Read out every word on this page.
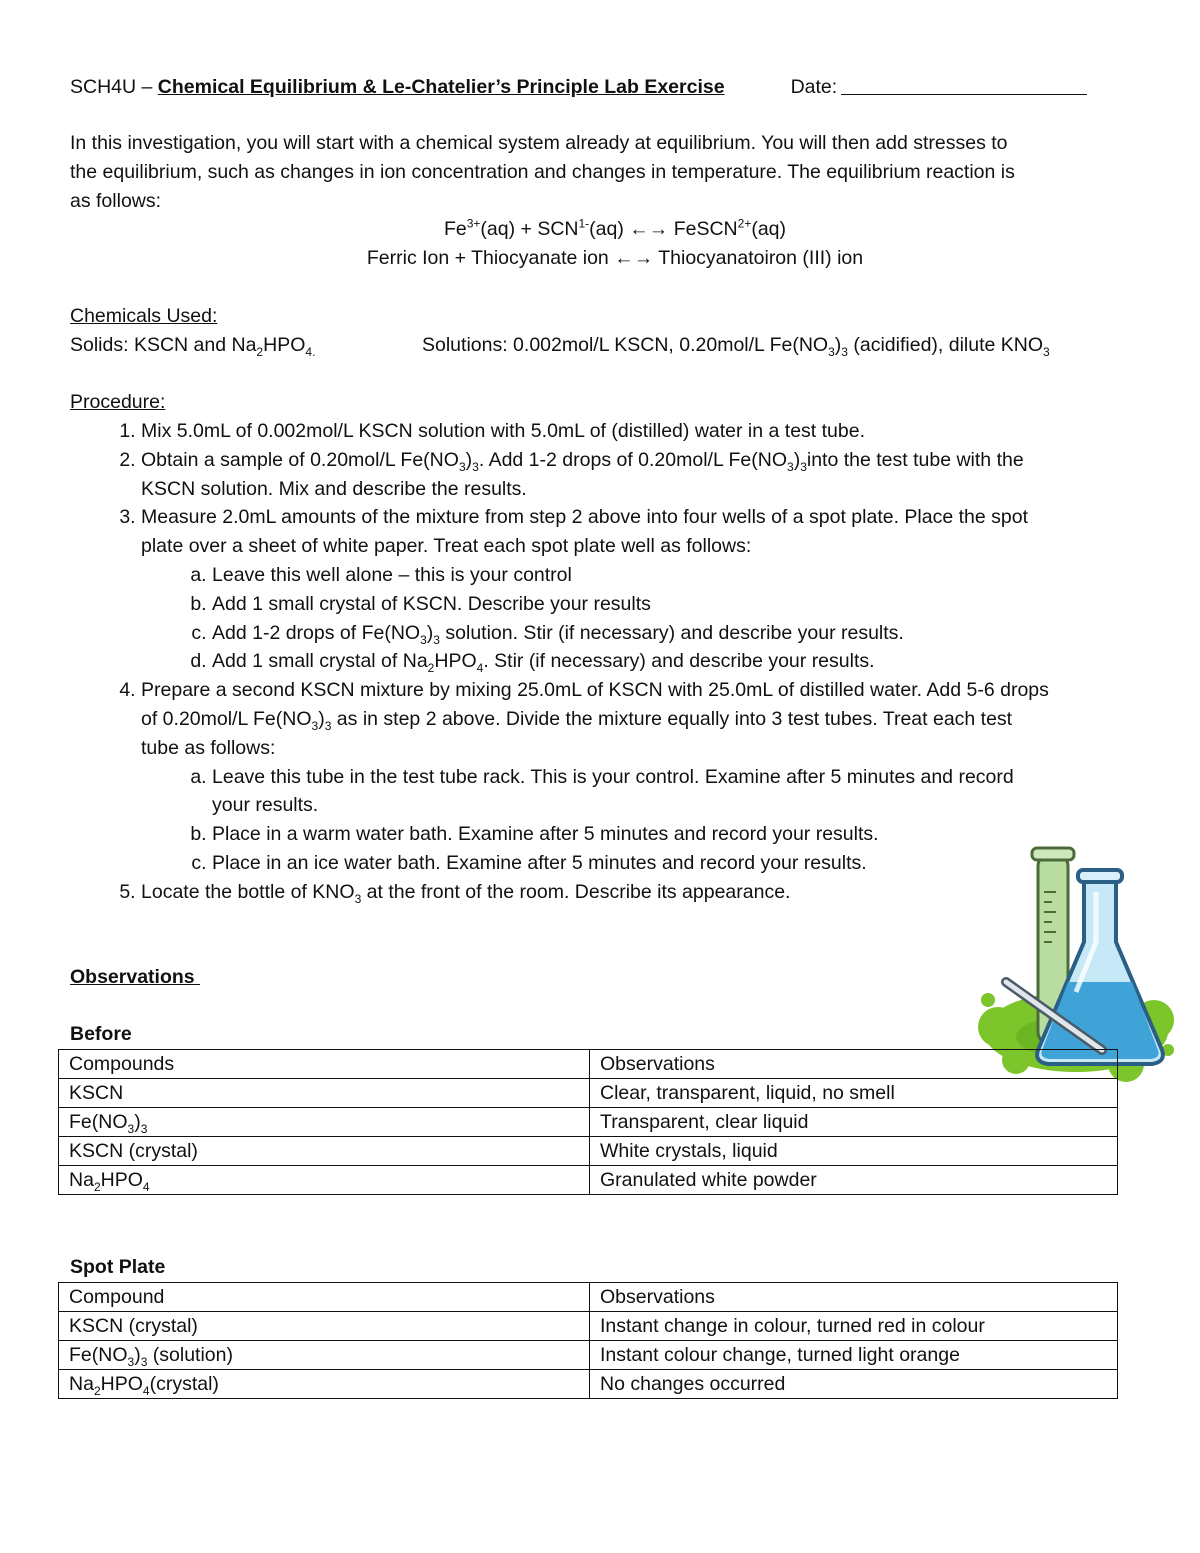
SCH4U – Chemical Equilibrium & Le-Chatelier’s Principle Lab Exercise	Date:
In this investigation, you will start with a chemical system already at equilibrium. You will then add stresses to
the equilibrium, such as changes in ion concentration and changes in temperature. The equilibrium reaction is
as follows:
$Fe^{3+}(aq) + SCN^{1-}(aq)$ ←→ FeSCN$^{2+}$(aq)
Ferric Ion + Thiocyanate ion ←→ Thiocyanatoiron (III) ion
Chemicals Used:
Solids: KSCN and $Na_2HPO_{4.}$	Solutions: 0.002mol/L KSCN, 0.20mol/L $Fe(NO_3)_3$ (acidified), dilute $KNO_3$
Procedure:
1. Mix 5.0mL of 0.002mol/L KSCN solution with 5.0mL of (distilled) water in a test tube.
2. Obtain a sample of 0.20mol/L $Fe(NO_3)_3$. Add 1-2 drops of 0.20mol/L $Fe(NO_3)_3into$ the test tube with the
KSCN solution. Mix and describe the results.
3. Measure 2.0mL amounts of the mixture from step 2 above into four wells of a spot plate. Place the spot
plate over a sheet of white paper. Treat each spot plate well as follows:
a. Leave this well alone – this is your control
b. Add 1 small crystal of KSCN. Describe your results
c. Add 1-2 drops of $Fe(NO_3)_3$ solution. Stir (if necessary) and describe your results.
d. Add 1 small crystal of $Na_2HPO_4$. Stir (if necessary) and describe your results.
4. Prepare a second KSCN mixture by mixing 25.0mL of KSCN with 25.0mL of distilled water. Add 5-6 drops
of 0.20mol/L $Fe(NO_3)_3$ as in step 2 above. Divide the mixture equally into 3 test tubes. Treat each test
tube as follows:
a. Leave this tube in the test tube rack. This is your control. Examine after 5 minutes and record
your results.
b. Place in a warm water bath. Examine after 5 minutes and record your results.
c. Place in an ice water bath. Examine after 5 minutes and record your results.
5. Locate the bottle of $KNO_3$ at the front of the room. Describe its appearance.
Observations
Before
Compounds	Observations
KSCN	Clear, transparent, liquid, no smell
$Fe(NO_3)_3$	Transparent, clear liquid
KSCN (crystal)	White crystals, liquid
$Na_2HPO_4$	Granulated white powder
Spot Plate
Compound	Observations
KSCN (crystal)	Instant change in colour, turned red in colour
$Fe(NO_3)_3$ (solution)	Instant colour change, turned light orange
$Na_2HPO_4(crystal)$	No changes occurred
